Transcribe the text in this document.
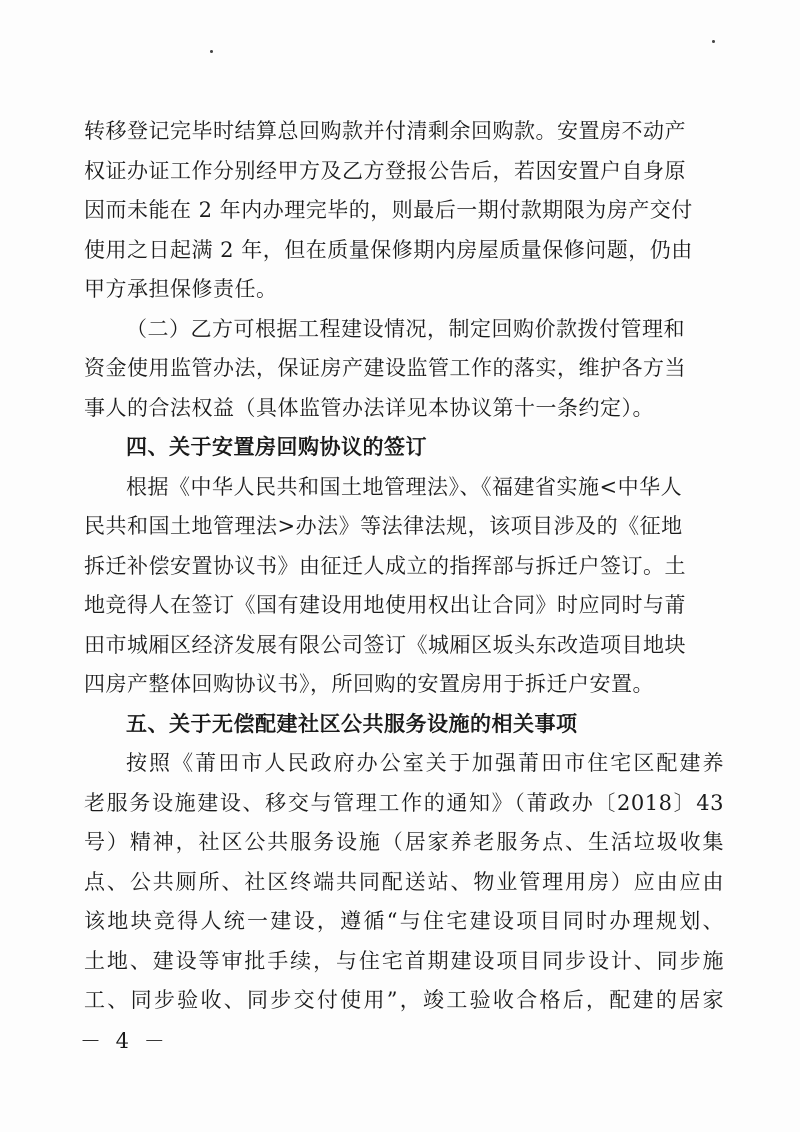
转移登记完毕时结算总回购款并付清剩余回购款。安置房不动产
权证办证工作分别经甲方及乙方登报公告后，若因安置户自身原
因而未能在 2 年内办理完毕的，则最后一期付款期限为房产交付
使用之日起满 2 年，但在质量保修期内房屋质量保修问题，仍由
甲方承担保修责任。

（二）乙方可根据工程建设情况，制定回购价款拨付管理和
资金使用监管办法，保证房产建设监管工作的落实，维护各方当
事人的合法权益（具体监管办法详见本协议第十一条约定）。

四、关于安置房回购协议的签订

根据《中华人民共和国土地管理法》、《福建省实施<中华人
民共和国土地管理法>办法》等法律法规，该项目涉及的《征地
拆迁补偿安置协议书》由征迁人成立的指挥部与拆迁户签订。土
地竞得人在签订《国有建设用地使用权出让合同》时应同时与莆
田市城厢区经济发展有限公司签订《城厢区坂头东改造项目地块
四房产整体回购协议书》，所回购的安置房用于拆迁户安置。

五、关于无偿配建社区公共服务设施的相关事项

按照《莆田市人民政府办公室关于加强莆田市住宅区配建养
老服务设施建设、移交与管理工作的通知》（莆政办〔2018〕43
号）精神，社区公共服务设施（居家养老服务点、生活垃圾收集
点、公共厕所、社区终端共同配送站、物业管理用房）应由应由
该地块竞得人统一建设，遵循“与住宅建设项目同时办理规划、
土地、建设等审批手续，与住宅首期建设项目同步设计、同步施
工、同步验收、同步交付使用”，竣工验收合格后，配建的居家

－ 4 －
